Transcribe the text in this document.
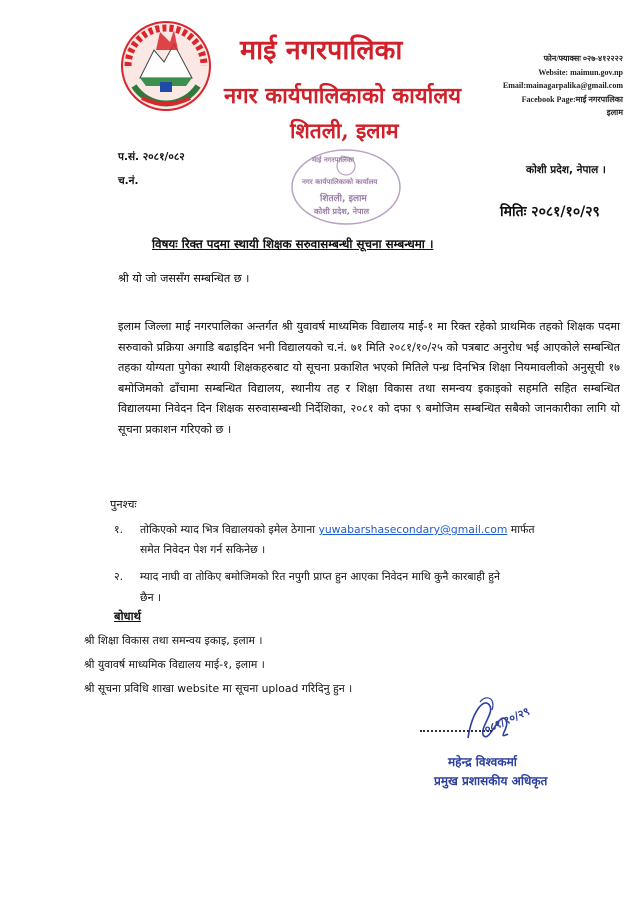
माई नगरपालिका
नगर कार्यपालिकाको कार्यालय
शितली, इलाम
फोन/फ्याक्सः ०२७-४१२२२२
Website: maimun.gov.np
Email:mainagarpalika@gmail.com
Facebook Page:माई नगरपालिका
इलाम
प.सं. २०८१/०८२
च.नं.
कोशी प्रदेश, नेपाल ।
मितिः २०८१/१०/२९
माई नगरपालिका
नगर कार्यपालिकाको कार्यालय
शितली, इलाम
कोशी प्रदेश, नेपाल
विषयः रिक्त पदमा स्थायी शिक्षक सरुवासम्बन्धी सूचना सम्बन्धमा ।
श्री यो जो जससँग सम्बन्धित छ ।
इलाम जिल्ला माई नगरपालिका अन्तर्गत श्री युवावर्ष माध्यमिक विद्यालय माई-१ मा रिक्त रहेको प्राथमिक तहको शिक्षक पदमा सरुवाको प्रक्रिया अगाडि बढाइदिन भनी विद्यालयको च.नं. ७१ मिति २०८१/१०/२५ को पत्रबाट अनुरोध भई आएकोले सम्बन्धित तहका योग्यता पुगेका स्थायी शिक्षकहरुबाट यो सूचना प्रकाशित भएको मितिले पन्ध्र दिनभित्र शिक्षा नियमावलीको अनुसूची १७ बमोजिमको ढाँचामा सम्बन्धित विद्यालय, स्थानीय तह र शिक्षा विकास तथा समन्वय इकाइको सहमति सहित सम्बन्धित विद्यालयमा निवेदन दिन शिक्षक सरुवासम्बन्धी निर्देशिका, २०८१ को दफा ९ बमोजिम सम्बन्धित सबैको जानकारीका लागि यो सूचना प्रकाशन गरिएको छ ।
पुनश्चः
१. तोकिएको म्याद भित्र विद्यालयको इमेल ठेगाना yuwabarshasecondary@gmail.com मार्फत
समेत निवेदन पेश गर्न सकिनेछ ।
२. म्याद नाघी वा तोकिए बमोजिमको रित नपुगी प्राप्त हुन आएका निवेदन माथि कुनै कारबाही हुने
छैन ।
बोधार्थ
श्री शिक्षा विकास तथा समन्वय इकाइ, इलाम ।
श्री युवावर्ष माध्यमिक विद्यालय माई-१, इलाम ।
श्री सूचना प्रविधि शाखा website मा सूचना upload गरिदिनु हुन ।
०८१/१०/२९
महेन्द्र विश्वकर्मा
प्रमुख प्रशासकीय अधिकृत
